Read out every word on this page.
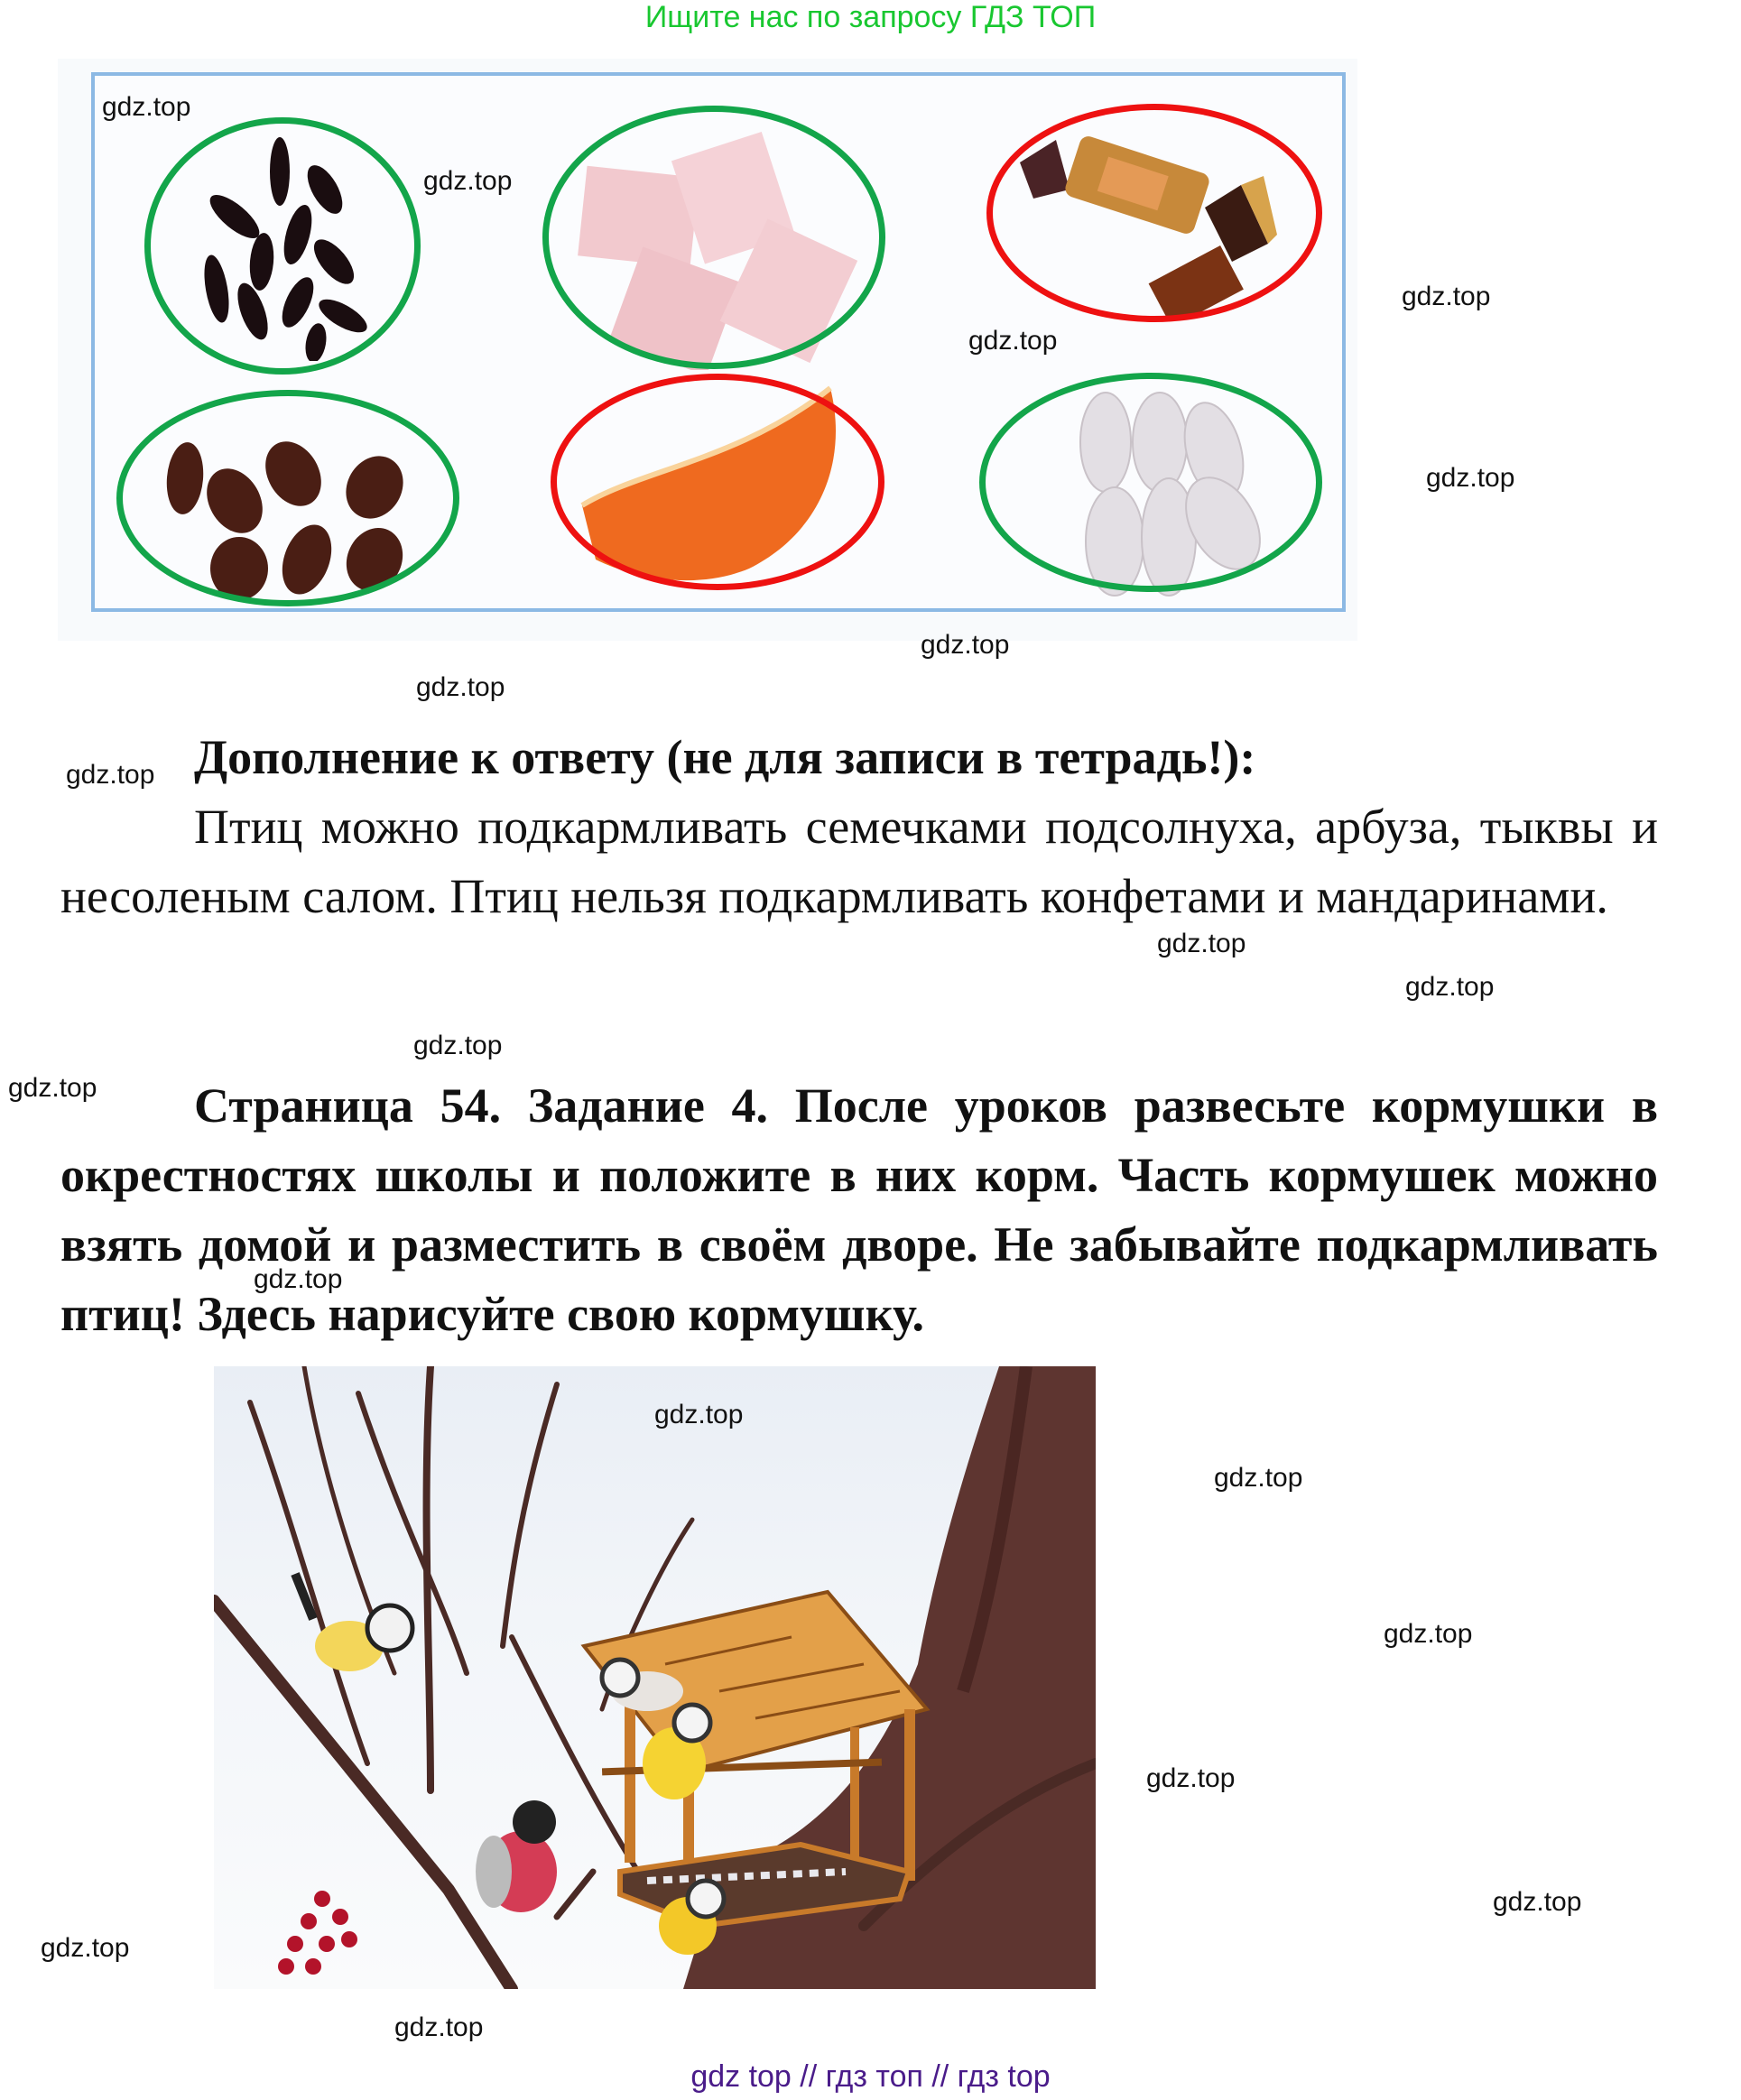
Ищите нас по запросу ГДЗ ТОП
gdz.top
gdz.top
gdz.top
gdz.top
gdz.top
gdz.top
gdz.top
gdz.top
gdz.top
gdz.top
gdz.top
gdz.top
gdz.top
Дополнение к ответу (не для записи в тетрадь!):
Птиц можно подкармливать семечками подсолнуха, арбуза, тыквы и несоленым салом. Птиц нельзя подкармливать конфетами и мандаринами.
Страница 54. Задание 4. После уроков развесьте кормушки в окрестностях школы и положите в них корм. Часть кормушек можно взять домой и разместить в своём дворе. Не забывайте подкармливать птиц! Здесь нарисуйте свою кормушку.
gdz.top
gdz.top
gdz.top
gdz.top
gdz.top
gdz.top
gdz.top
gdz top // гдз топ // гдз top
